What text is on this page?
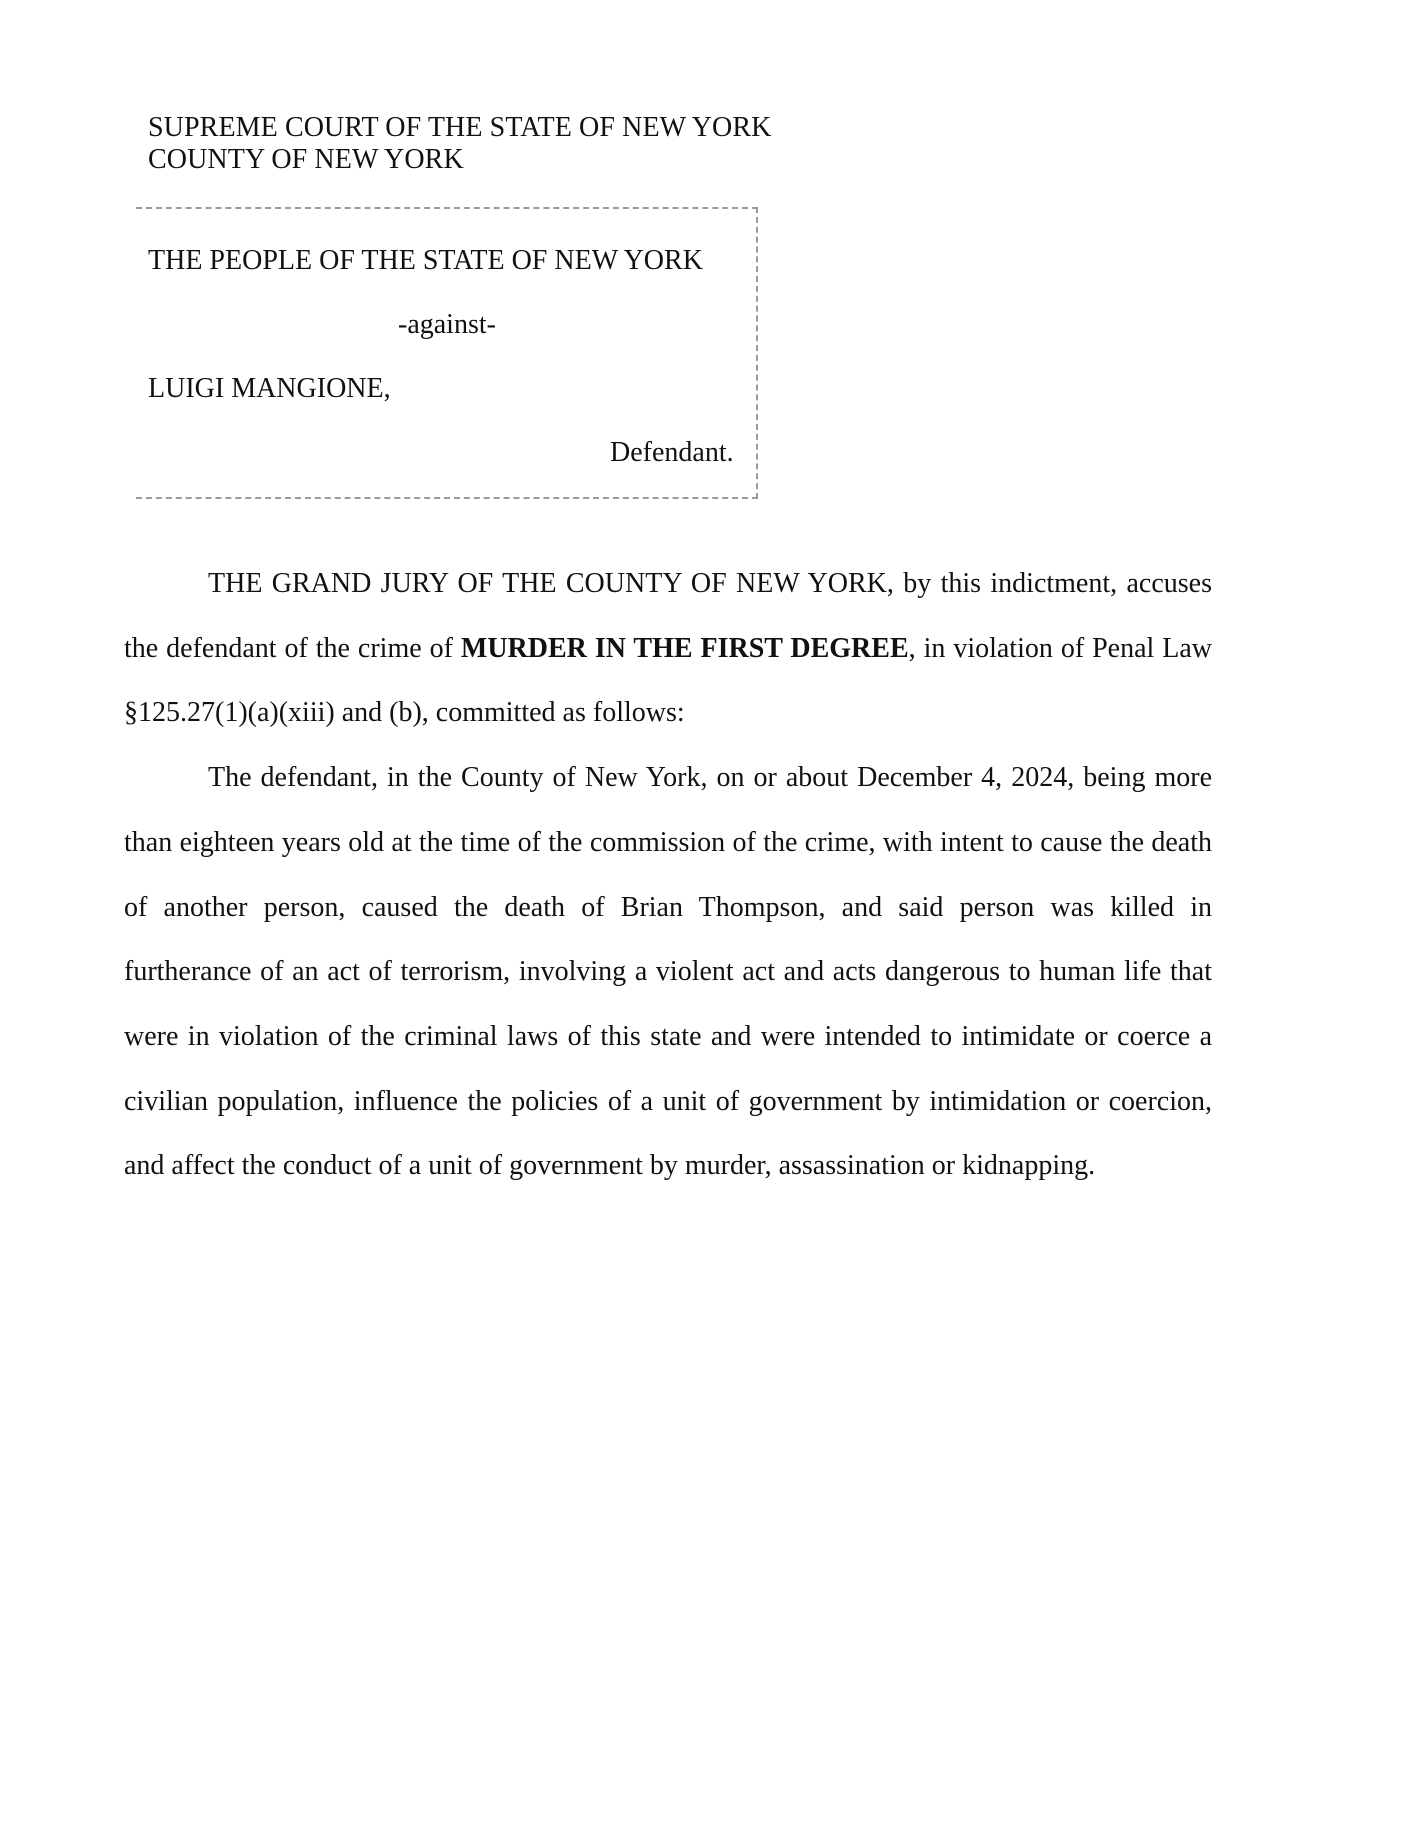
SUPREME COURT OF THE STATE OF NEW YORK
COUNTY OF NEW YORK
THE PEOPLE OF THE STATE OF NEW YORK
-against-
LUIGI MANGIONE,
Defendant.

THE GRAND JURY OF THE COUNTY OF NEW YORK, by this indictment, accuses the defendant of the crime of MURDER IN THE FIRST DEGREE, in violation of Penal Law §125.27(1)(a)(xiii) and (b), committed as follows:

The defendant, in the County of New York, on or about December 4, 2024, being more than eighteen years old at the time of the commission of the crime, with intent to cause the death of another person, caused the death of Brian Thompson, and said person was killed in furtherance of an act of terrorism, involving a violent act and acts dangerous to human life that were in violation of the criminal laws of this state and were intended to intimidate or coerce a civilian population, influence the policies of a unit of government by intimidation or coercion, and affect the conduct of a unit of government by murder, assassination or kidnapping.
